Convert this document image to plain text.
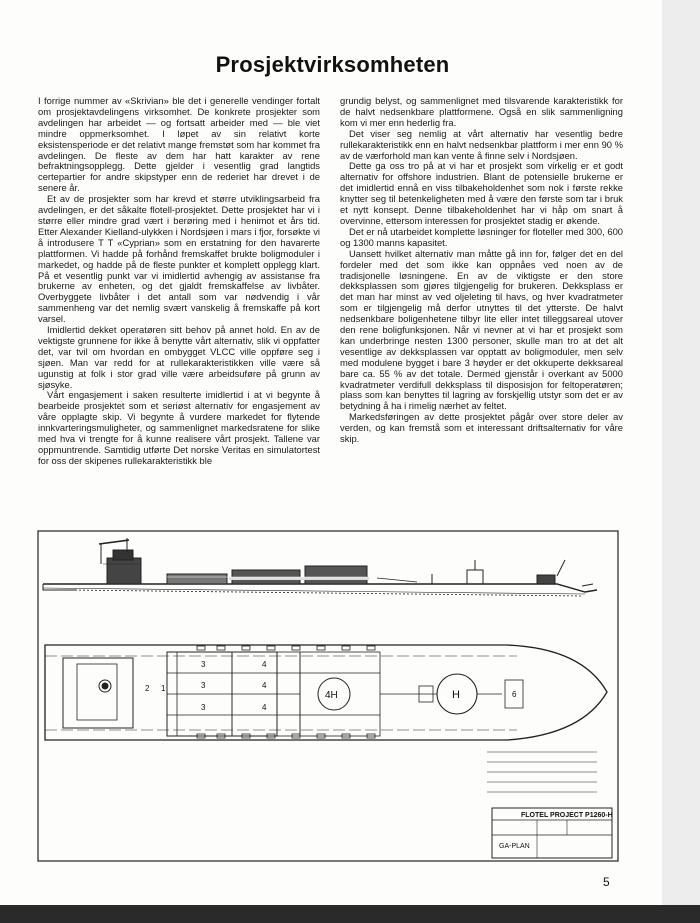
Prosjektvirksomheten

I forrige nummer av «Skrivian» ble det i generelle vendinger fortalt om prosjektavdelingens virksomhet. De konkrete prosjekter som avdelingen har arbeidet — og fortsatt arbeider med — ble viet mindre oppmerksomhet. I løpet av sin relativt korte eksistensperiode er det relativt mange fremstøt som har kommet fra avdelingen. De fleste av dem har hatt karakter av rene befraktningsopplegg. Dette gjelder i vesentlig grad langtids certepartier for andre skipstyper enn de rederiet har drevet i de senere år.

Et av de prosjekter som har krevd et større utviklingsarbeid fra avdelingen, er det såkalte flotell-prosjektet. Dette prosjektet har vi i større eller mindre grad vært i berøring med i henimot et års tid. Etter Alexander Kielland-ulykken i Nordsjøen i mars i fjor, forsøkte vi å introdusere T T «Cyprian» som en erstatning for den havarerte plattformen. Vi hadde på forhånd fremskaffet brukte boligmoduler i markedet, og hadde på de fleste punkter et komplett opplegg klart. På et vesentlig punkt var vi imidlertid avhengig av assistanse fra brukerne av enheten, og det gjaldt fremskaffelse av livbåter. Overbyggete livbåter i det antall som var nødvendig i vår sammenheng var det nemlig svært vanskelig å fremskaffe på kort varsel.

Imidlertid dekket operatøren sitt behov på annet hold. En av de vektigste grunnene for ikke å benytte vårt alternativ, slik vi oppfatter det, var tvil om hvordan en ombygget VLCC ville oppføre seg i sjøen. Man var redd for at rullekarakteristikken ville være så ugunstig at folk i stor grad ville være arbeidsuføre på grunn av sjøsyke.

Vårt engasjement i saken resulterte imidlertid i at vi begynte å bearbeide prosjektet som et seriøst alternativ for engasjement av våre opplagte skip. Vi begynte å vurdere markedet for flytende innkvarteringsmuligheter, og sammenlignet markedsratene for slike med hva vi trengte for å kunne realisere vårt prosjekt. Tallene var oppmuntrende. Samtidig utførte Det norske Veritas en simulatortest for oss der skipenes rullekarakteristikk ble

grundig belyst, og sammenlignet med tilsvarende karakteristikk for de halvt nedsenkbare plattformene. Også en slik sammenligning kom vi mer enn hederlig fra.

Det viser seg nemlig at vårt alternativ har vesentlig bedre rullekarakteristikk enn en halvt nedsenkbar plattform i mer enn 90 % av de værforhold man kan vente å finne selv i Nordsjøen.

Dette ga oss tro på at vi har et prosjekt som virkelig er et godt alternativ for offshore industrien. Blant de potensielle brukerne er det imidlertid ennå en viss tilbakeholdenhet som nok i første rekke knytter seg til betenkeligheten med å være den første som tar i bruk et nytt konsept. Denne tilbakeholdenhet har vi håp om snart å overvinne, ettersom interessen for prosjektet stadig er økende.

Det er nå utarbeidet komplette løsninger for floteller med 300, 600 og 1300 manns kapasitet.

Uansett hvilket alternativ man måtte gå inn for, følger det en del fordeler med det som ikke kan oppnåes ved noen av de tradisjonelle løsningene. En av de viktigste er den store dekksplassen som gjøres tilgjengelig for brukeren. Dekksplass er det man har minst av ved oljeleting til havs, og hver kvadratmeter som er tilgjengelig må derfor utnyttes til det ytterste. De halvt nedsenkbare boligenhetene tilbyr lite eller intet tilleggsareal utover den rene boligfunksjonen. Når vi nevner at vi har et prosjekt som kan underbringe nesten 1300 personer, skulle man tro at det alt vesentlige av dekksplassen var opptatt av boligmoduler, men selv med modulene bygget i bare 3 høyder er det okkuperte dekksareal bare ca. 55 % av det totale. Dermed gjenstår i overkant av 5000 kvadratmeter verdifull dekksplass til disposisjon for feltoperatøren; plass som kan benyttes til lagring av forskjellig utstyr som det er av betydning å ha i rimelig nærhet av feltet.

Markedsføringen av dette prosjektet pågår over store deler av verden, og kan fremstå som et interessant driftsalternativ for våre skip.

1
2
3
3
3
4
4
4
6
4H	H
FLOTEL PROJECT P1260-H
GA-PLAN
5
